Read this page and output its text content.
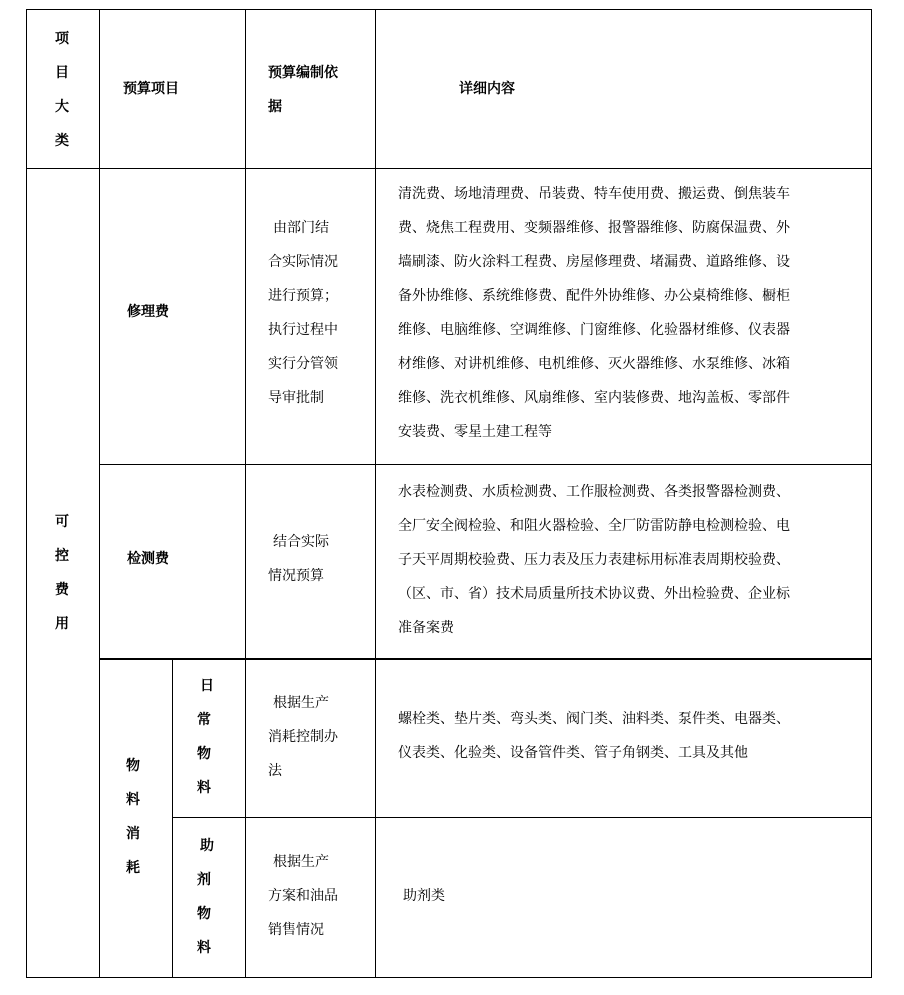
项
目
大
类
预算项目
预算编制依
据
详细内容
可
控
费
用
修理费
由部门结
合实际情况
进行预算；
执行过程中
实行分管领
导审批制
清洗费、场地清理费、吊装费、特车使用费、搬运费、倒焦装车
费、烧焦工程费用、变频器维修、报警器维修、防腐保温费、外
墙刷漆、防火涂料工程费、房屋修理费、堵漏费、道路维修、设
备外协维修、系统维修费、配件外协维修、办公桌椅维修、橱柜
维修、电脑维修、空调维修、门窗维修、化验器材维修、仪表器
材维修、对讲机维修、电机维修、灭火器维修、水泵维修、冰箱
维修、洗衣机维修、风扇维修、室内装修费、地沟盖板、零部件
安装费、零星土建工程等
检测费
结合实际
情况预算
水表检测费、水质检测费、工作服检测费、各类报警器检测费、
全厂安全阀检验、和阻火器检验、全厂防雷防静电检测检验、电
子天平周期校验费、压力表及压力表建标用标准表周期校验费、
（区、市、省）技术局质量所技术协议费、外出检验费、企业标
准备案费
物
料
消
耗
日
常
物
料
根据生产
消耗控制办
法
螺栓类、垫片类、弯头类、阀门类、油料类、泵件类、电器类、
仪表类、化验类、设备管件类、管子角钢类、工具及其他
助
剂
物
料
根据生产
方案和油品
销售情况
助剂类
